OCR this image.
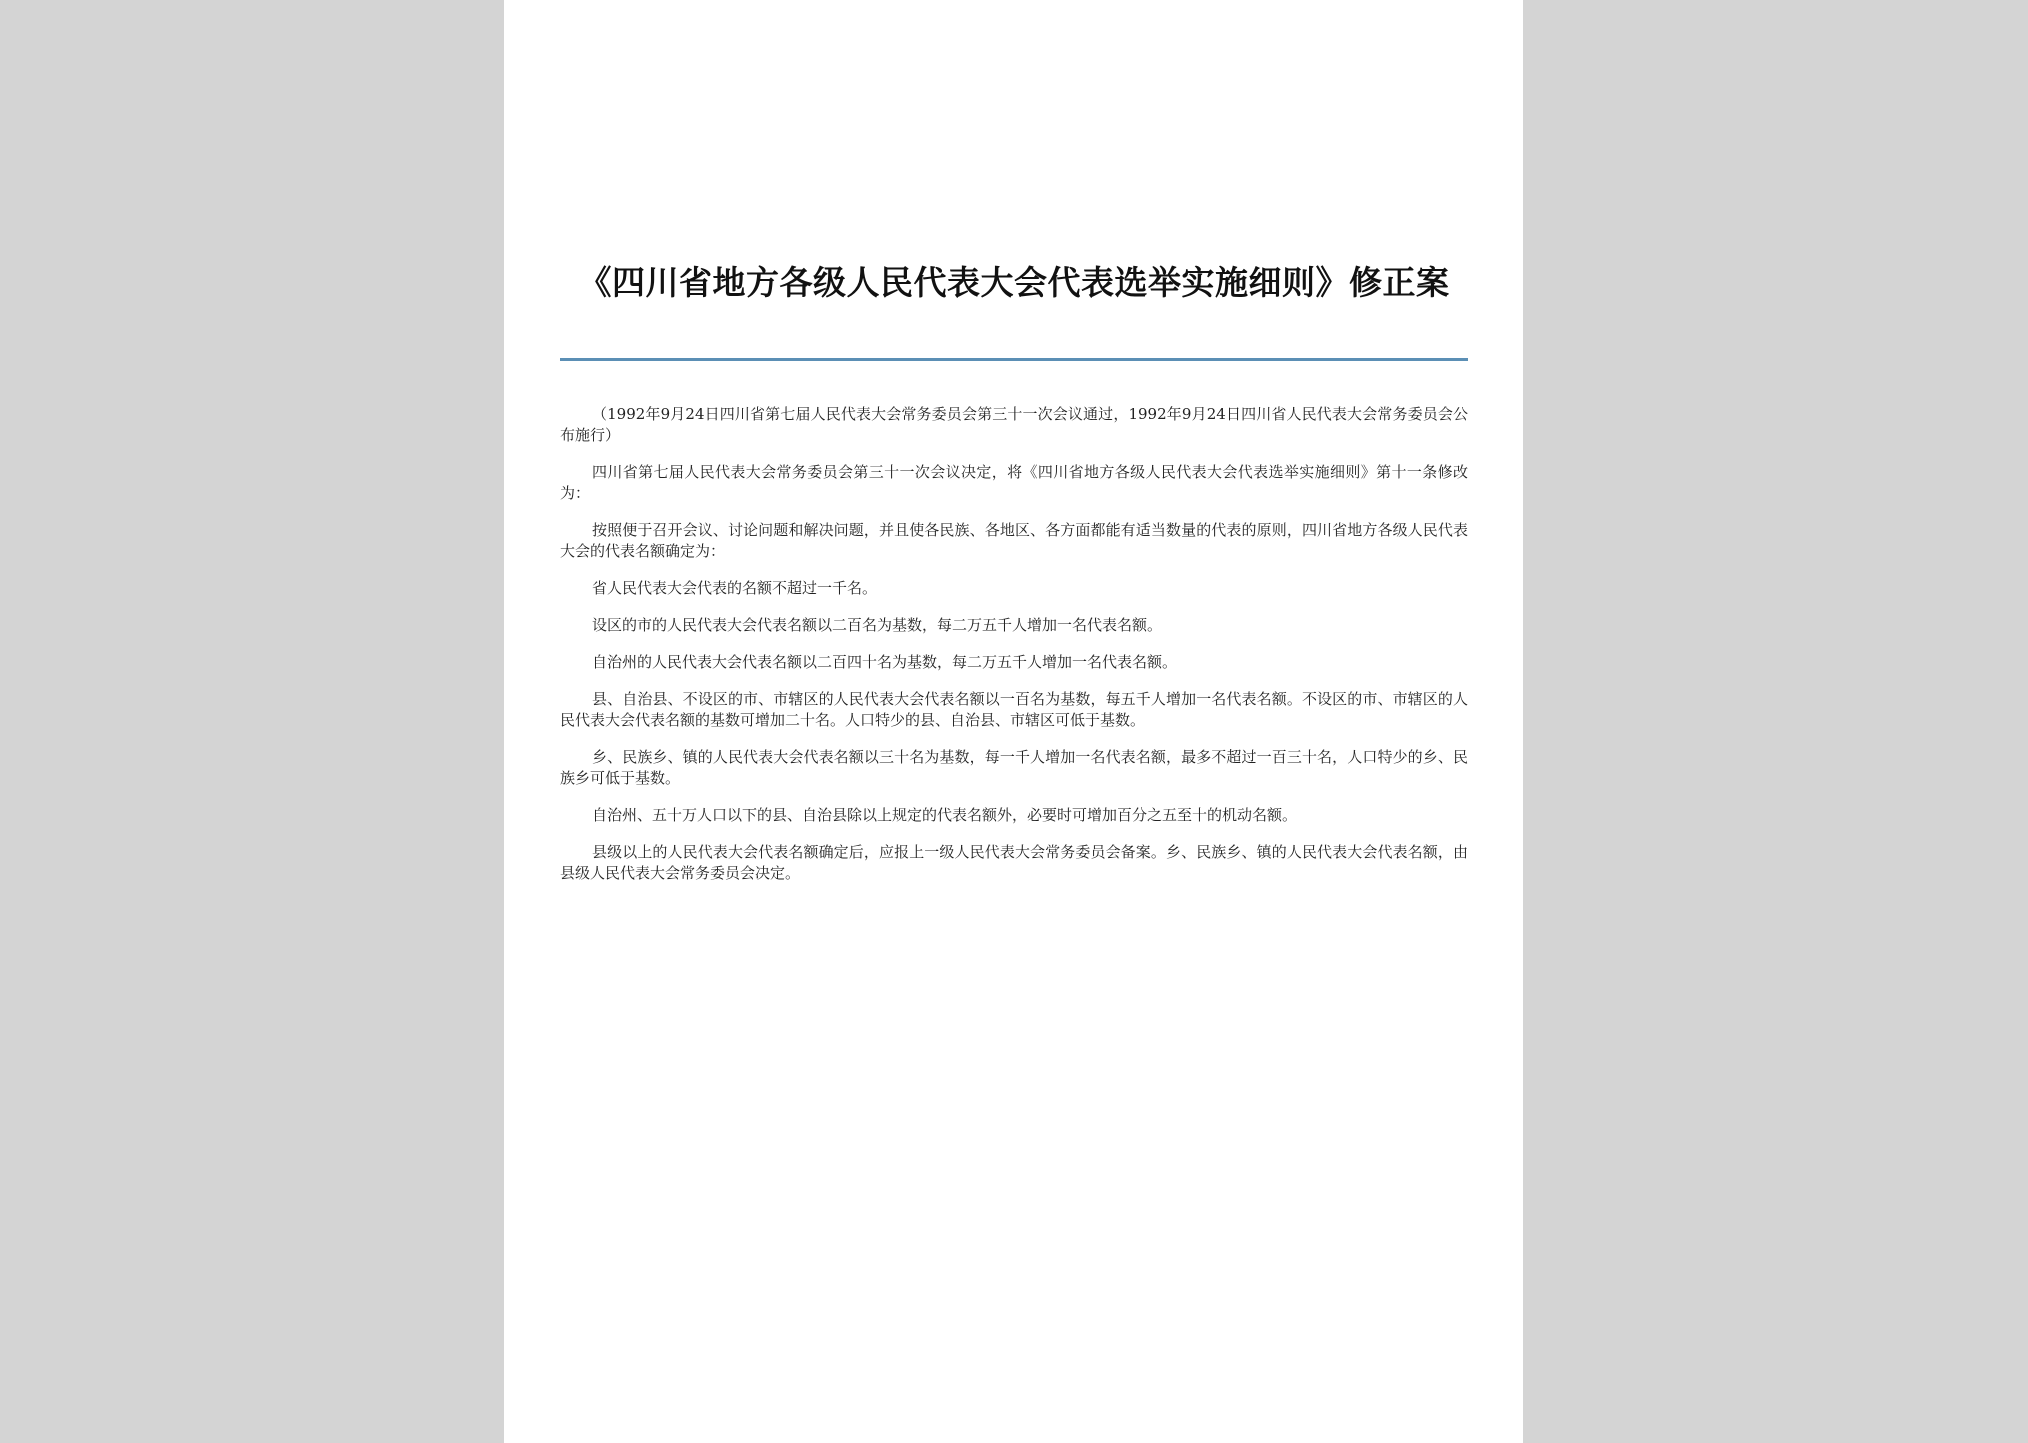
《四川省地方各级人民代表大会代表选举实施细则》修正案

（1992年9月24日四川省第七届人民代表大会常务委员会第三十一次会议通过，1992年9月24日四川省人民代表大会常务委员会公布施行）

四川省第七届人民代表大会常务委员会第三十一次会议决定，将《四川省地方各级人民代表大会代表选举实施细则》第十一条修改为：

按照便于召开会议、讨论问题和解决问题，并且使各民族、各地区、各方面都能有适当数量的代表的原则，四川省地方各级人民代表大会的代表名额确定为：

省人民代表大会代表的名额不超过一千名。

设区的市的人民代表大会代表名额以二百名为基数，每二万五千人增加一名代表名额。

自治州的人民代表大会代表名额以二百四十名为基数，每二万五千人增加一名代表名额。

县、自治县、不设区的市、市辖区的人民代表大会代表名额以一百名为基数，每五千人增加一名代表名额。不设区的市、市辖区的人民代表大会代表名额的基数可增加二十名。人口特少的县、自治县、市辖区可低于基数。

乡、民族乡、镇的人民代表大会代表名额以三十名为基数，每一千人增加一名代表名额，最多不超过一百三十名，人口特少的乡、民族乡可低于基数。

自治州、五十万人口以下的县、自治县除以上规定的代表名额外，必要时可增加百分之五至十的机动名额。

县级以上的人民代表大会代表名额确定后，应报上一级人民代表大会常务委员会备案。乡、民族乡、镇的人民代表大会代表名额，由县级人民代表大会常务委员会决定。
